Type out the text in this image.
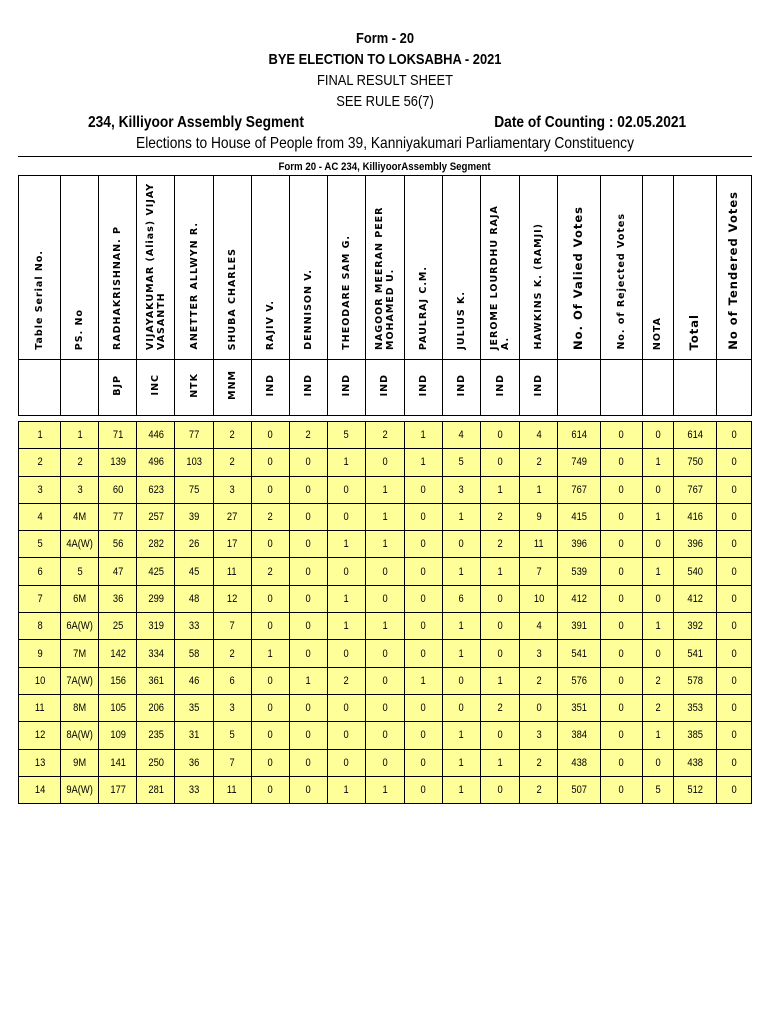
Form - 20
BYE ELECTION TO LOKSABHA - 2021
FINAL RESULT SHEET
SEE RULE 56(7)
234, Killiyoor Assembly Segment	Date of Counting : 02.05.2021
Elections to House of People from 39, Kanniyakumari Parliamentary Constituency
Form 20 - AC 234, KilliyoorAssembly Segment
Table Serial No.	PS. No	RADHAKRISHNAN. P	VIJAYAKUMAR (Alias) VIJAY VASANTH	ANETTER ALLWYN R.	SHUBA CHARLES	RAJIV V.	DENNISON V.	THEODARE SAM G.	NAGOOR MEERAN PEER MOHAMED U.	PAULRAJ C.M.	JULIUS K.	JEROME LOURDHU RAJA A.	HAWKINS K. (RAMJI)	No. Of Valied Votes	No. of Rejected Votes	NOTA	Total	No of Tendered Votes
		BJP	INC	NTK	MNM	IND	IND	IND	IND	IND	IND	IND	IND					

1	1	71	446	77	2	0	2	5	2	1	4	0	4	614	0	0	614	0
2	2	139	496	103	2	0	0	1	0	1	5	0	2	749	0	1	750	0
3	3	60	623	75	3	0	0	0	1	0	3	1	1	767	0	0	767	0
4	4M	77	257	39	27	2	0	0	1	0	1	2	9	415	0	1	416	0
5	4A(W)	56	282	26	17	0	0	1	1	0	0	2	11	396	0	0	396	0
6	5	47	425	45	11	2	0	0	0	0	1	1	7	539	0	1	540	0
7	6M	36	299	48	12	0	0	1	0	0	6	0	10	412	0	0	412	0
8	6A(W)	25	319	33	7	0	0	1	1	0	1	0	4	391	0	1	392	0
9	7M	142	334	58	2	1	0	0	0	0	1	0	3	541	0	0	541	0
10	7A(W)	156	361	46	6	0	1	2	0	1	0	1	2	576	0	2	578	0
11	8M	105	206	35	3	0	0	0	0	0	0	2	0	351	0	2	353	0
12	8A(W)	109	235	31	5	0	0	0	0	0	1	0	3	384	0	1	385	0
13	9M	141	250	36	7	0	0	0	0	0	1	1	2	438	0	0	438	0
14	9A(W)	177	281	33	11	0	0	1	1	0	1	0	2	507	0	5	512	0
